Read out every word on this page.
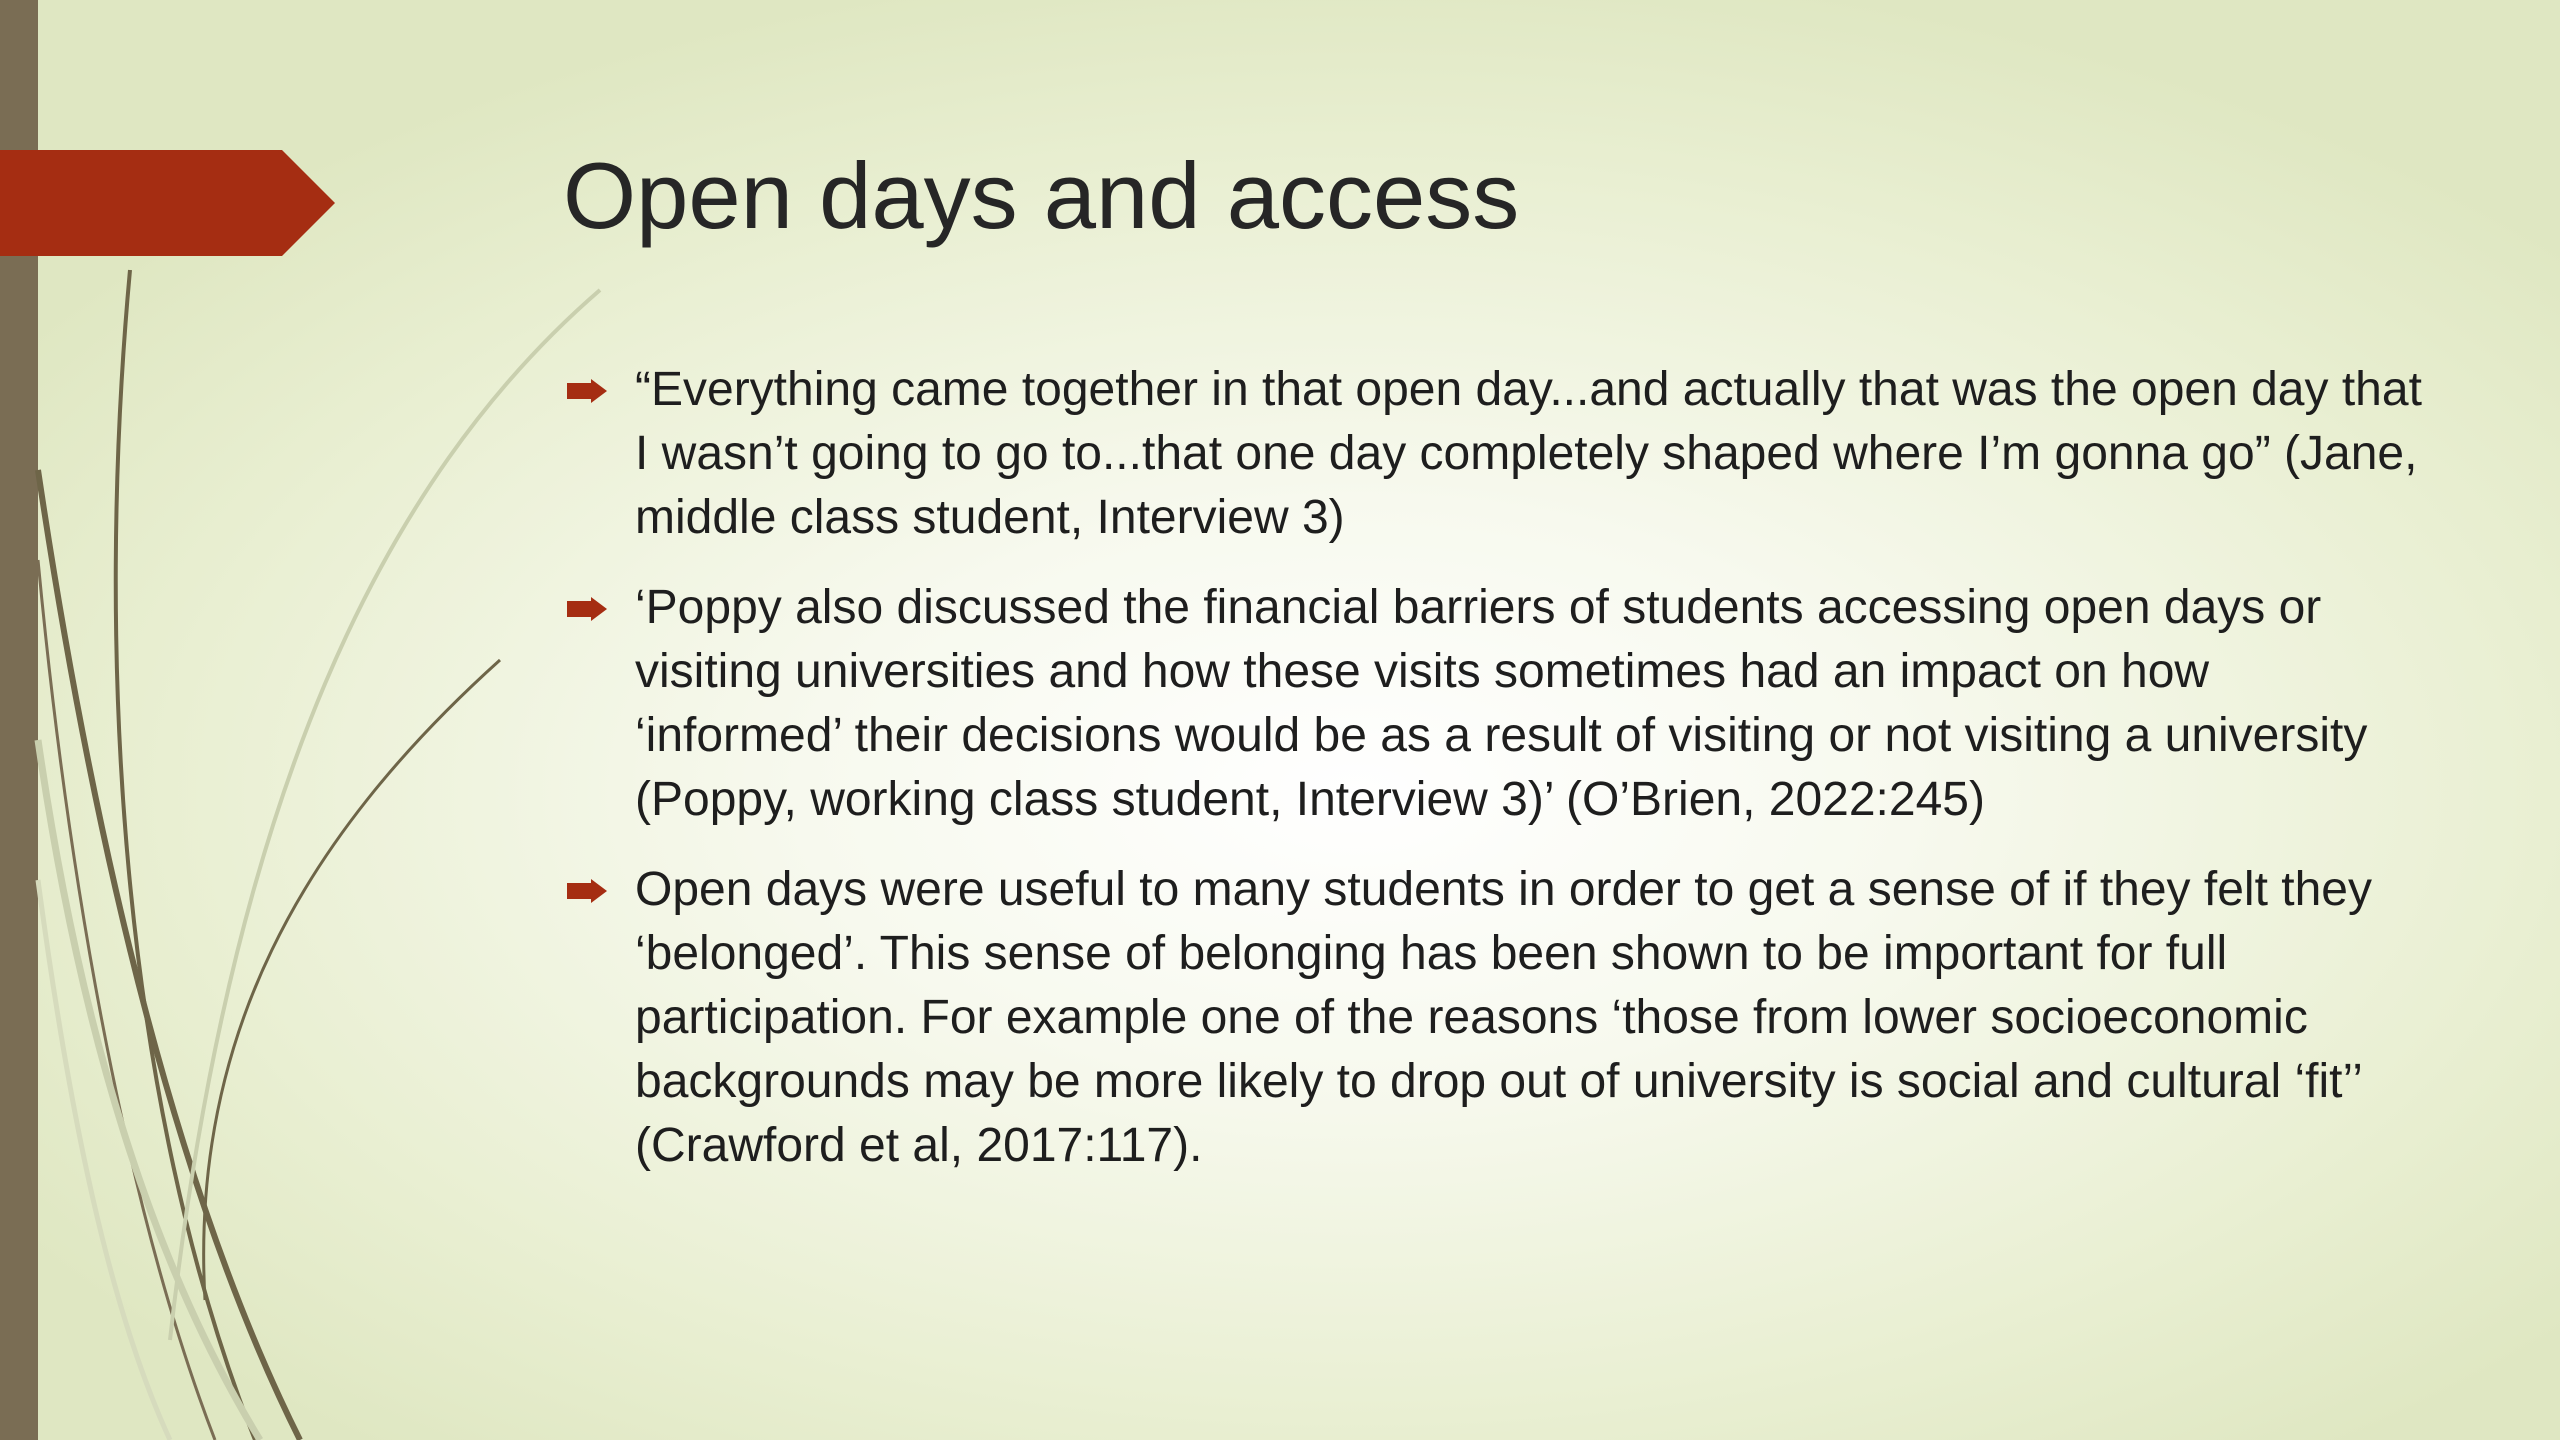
Open days and access
“Everything came together in that open day...and actually that was the open day that I wasn’t going to go to...that one day completely shaped where I’m gonna go” (Jane, middle class student, Interview 3)
‘Poppy also discussed the financial barriers of students accessing open days or visiting universities and how these visits sometimes had an impact on how ‘informed’ their decisions would be as a result of visiting or not visiting a university (Poppy, working class student, Interview 3)’ (O’Brien, 2022:245)
Open days were useful to many students in order to get a sense of if they felt they ‘belonged’. This sense of belonging has been shown to be important for full participation. For example one of the reasons ‘those from lower socioeconomic backgrounds may be more likely to drop out of university is social and cultural ‘fit’’ (Crawford et al, 2017:117).
